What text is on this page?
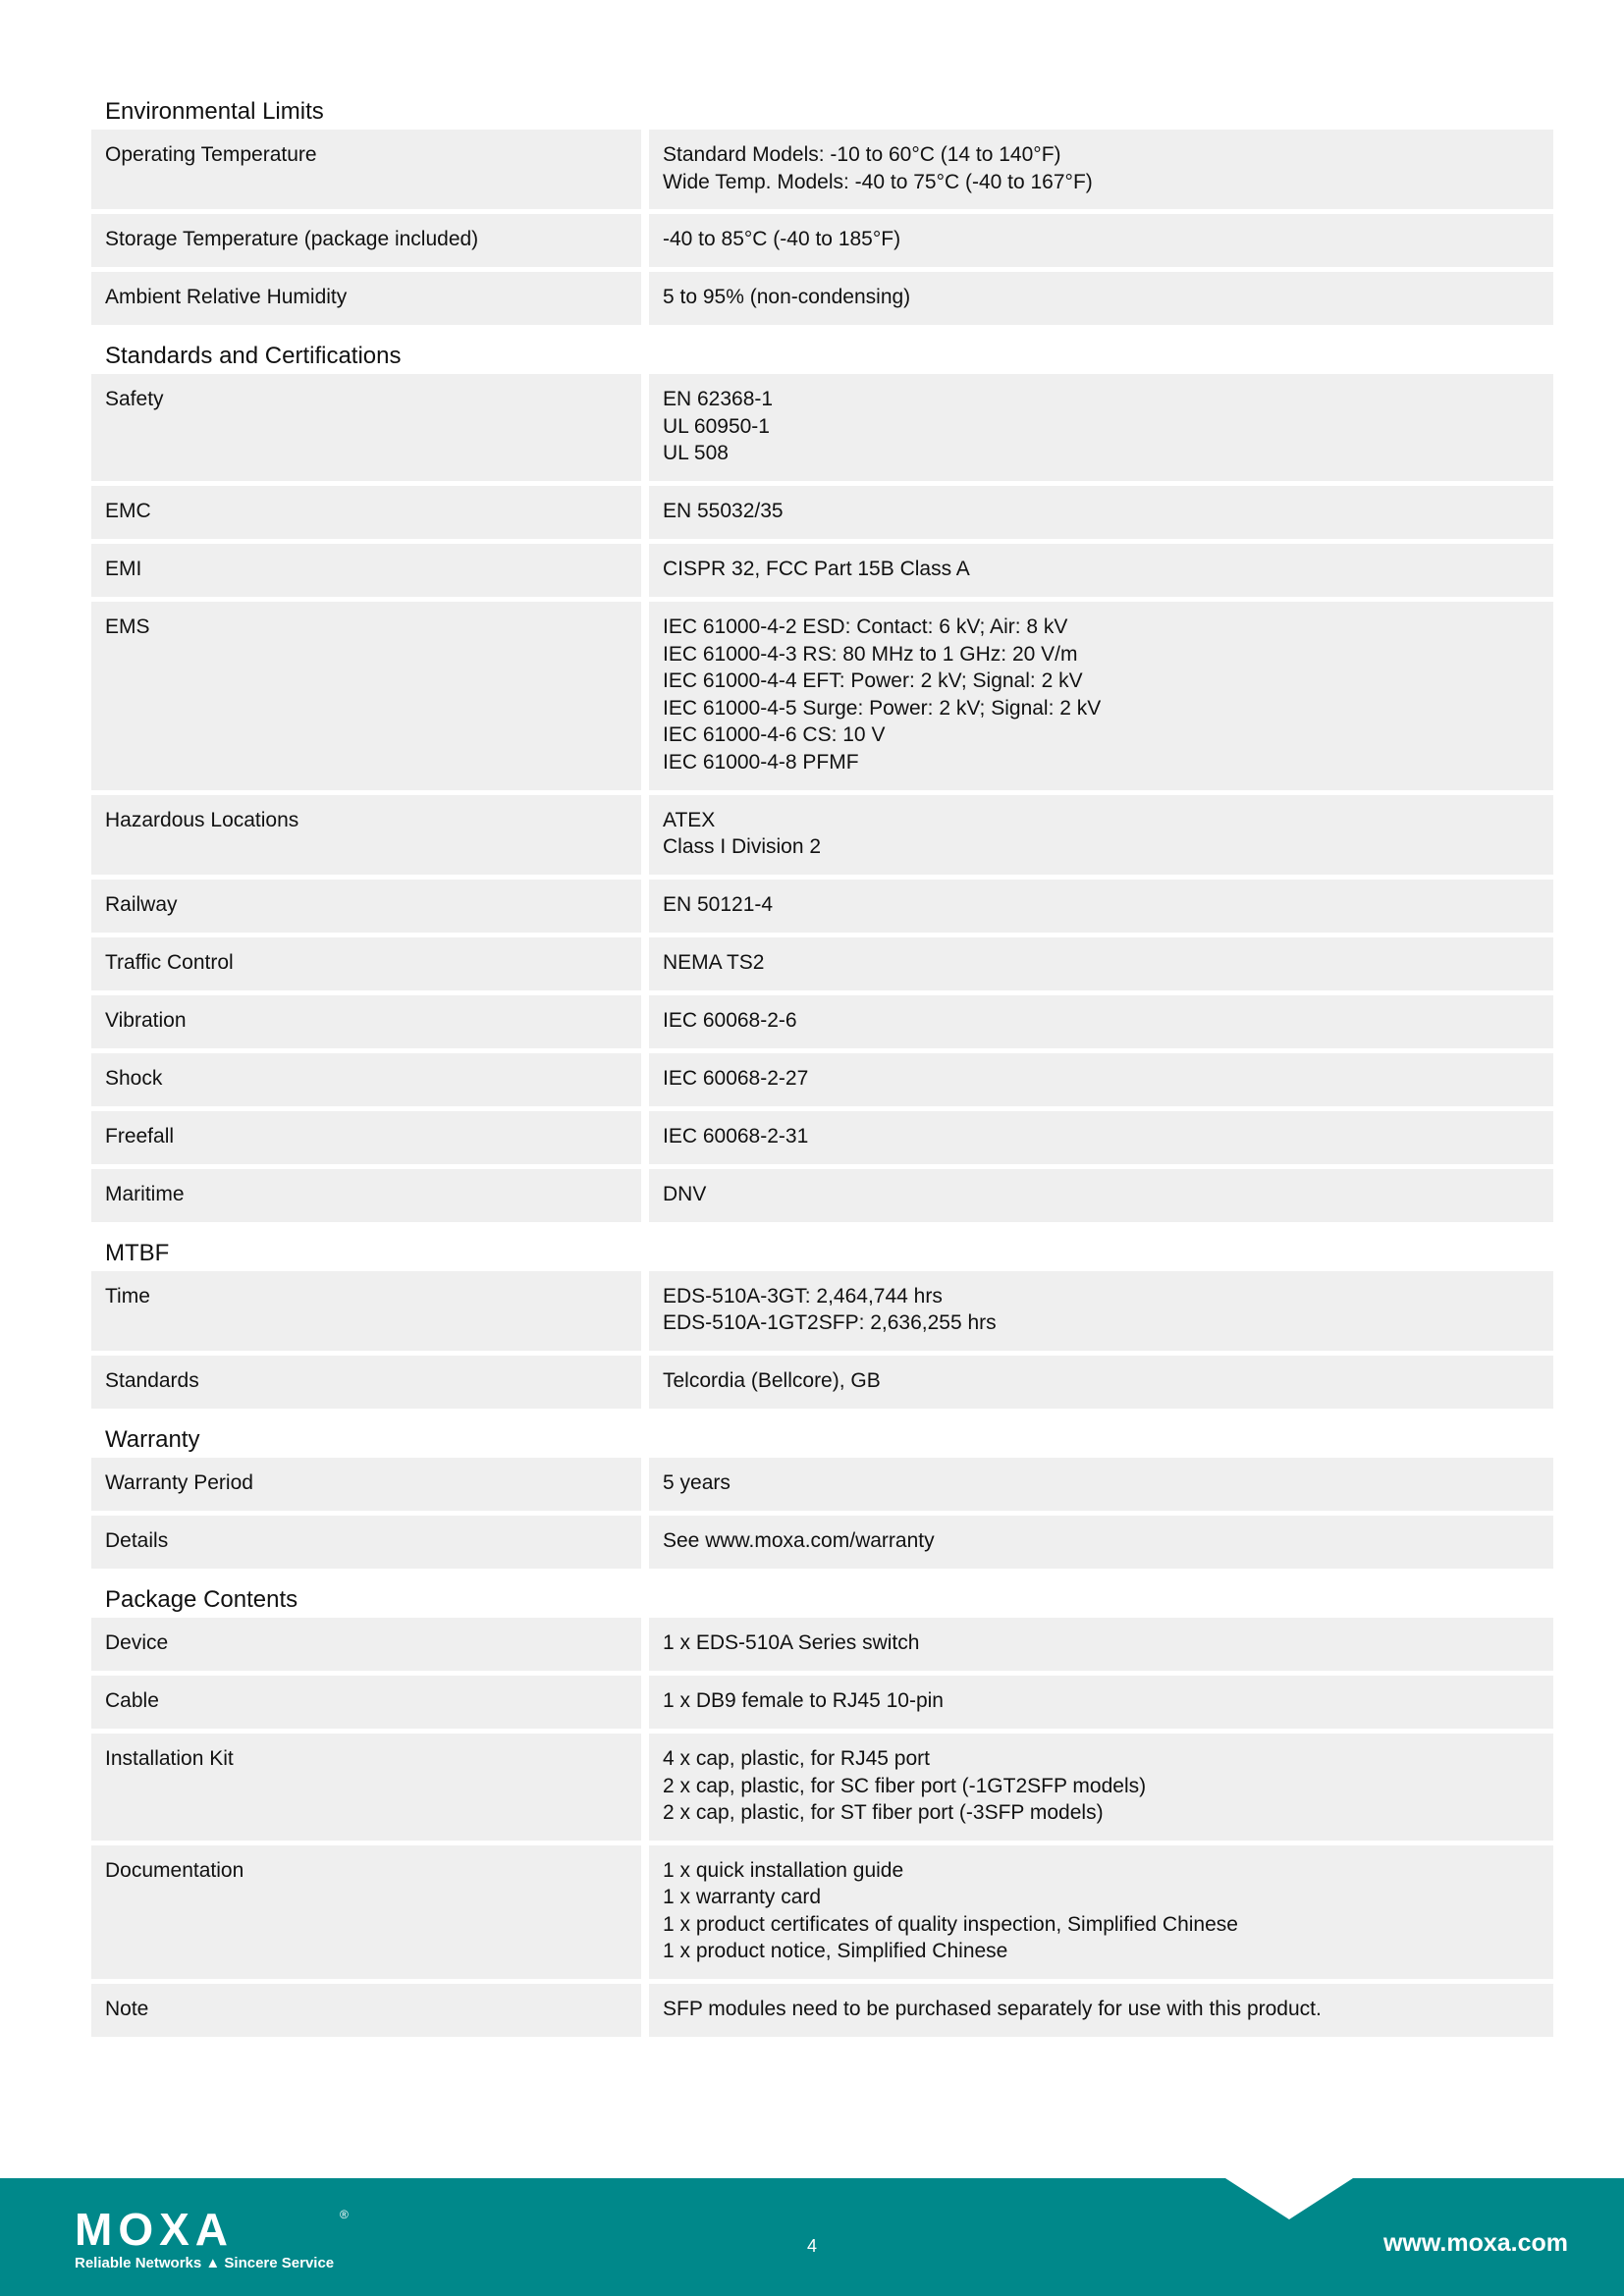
Environmental Limits
Operating Temperature	Standard Models: -10 to 60°C (14 to 140°F)
Wide Temp. Models: -40 to 75°C (-40 to 167°F)
Storage Temperature (package included)	-40 to 85°C (-40 to 185°F)
Ambient Relative Humidity	5 to 95% (non-condensing)
Standards and Certifications
Safety	EN 62368-1
UL 60950-1
UL 508
EMC	EN 55032/35
EMI	CISPR 32, FCC Part 15B Class A
EMS	IEC 61000-4-2 ESD: Contact: 6 kV; Air: 8 kV
IEC 61000-4-3 RS: 80 MHz to 1 GHz: 20 V/m
IEC 61000-4-4 EFT: Power: 2 kV; Signal: 2 kV
IEC 61000-4-5 Surge: Power: 2 kV; Signal: 2 kV
IEC 61000-4-6 CS: 10 V
IEC 61000-4-8 PFMF
Hazardous Locations	ATEX
Class I Division 2
Railway	EN 50121-4
Traffic Control	NEMA TS2
Vibration	IEC 60068-2-6
Shock	IEC 60068-2-27
Freefall	IEC 60068-2-31
Maritime	DNV
MTBF
Time	EDS-510A-3GT: 2,464,744 hrs
EDS-510A-1GT2SFP: 2,636,255 hrs
Standards	Telcordia (Bellcore), GB
Warranty
Warranty Period	5 years
Details	See www.moxa.com/warranty
Package Contents
Device	1 x EDS-510A Series switch
Cable	1 x DB9 female to RJ45 10-pin
Installation Kit	4 x cap, plastic, for RJ45 port
2 x cap, plastic, for SC fiber port (-1GT2SFP models)
2 x cap, plastic, for ST fiber port (-3SFP models)
Documentation	1 x quick installation guide
1 x warranty card
1 x product certificates of quality inspection, Simplified Chinese
1 x product notice, Simplified Chinese
Note	SFP modules need to be purchased separately for use with this product.
MOXA	®
Reliable Networks ▲ Sincere Service
4	www.moxa.com
